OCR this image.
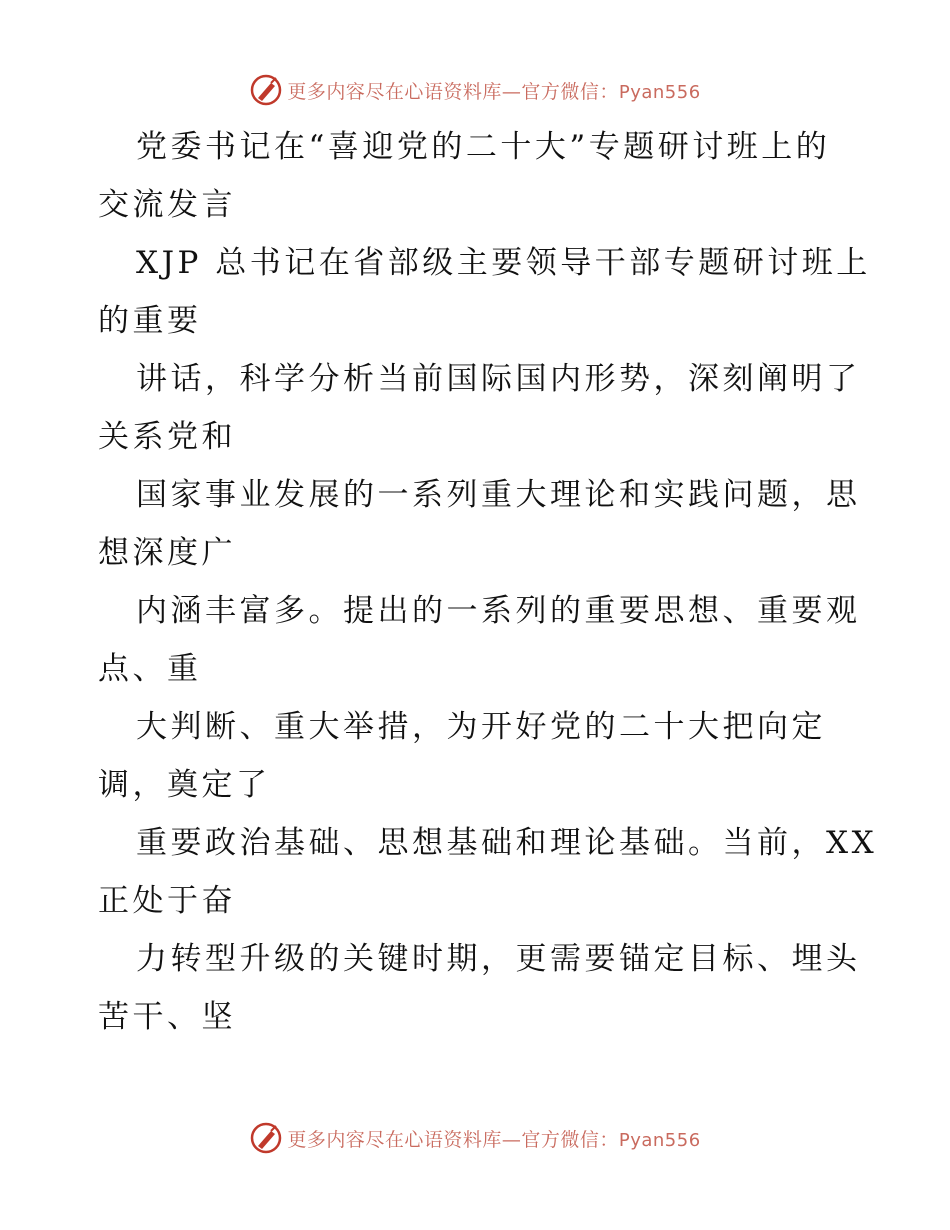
更多内容尽在心语资料库—官方微信：Pyan556

党委书记在“喜迎党的二十大”专题研讨班上的

交流发言

XJP 总书记在省部级主要领导干部专题研讨班上

的重要

讲话，科学分析当前国际国内形势，深刻阐明了

关系党和

国家事业发展的一系列重大理论和实践问题，思

想深度广

内涵丰富多。提出的一系列的重要思想、重要观

点、重

大判断、重大举措，为开好党的二十大把向定

调，奠定了

重要政治基础、思想基础和理论基础。当前，XX

正处于奋

力转型升级的关键时期，更需要锚定目标、埋头

苦干、坚

更多内容尽在心语资料库—官方微信：Pyan556
